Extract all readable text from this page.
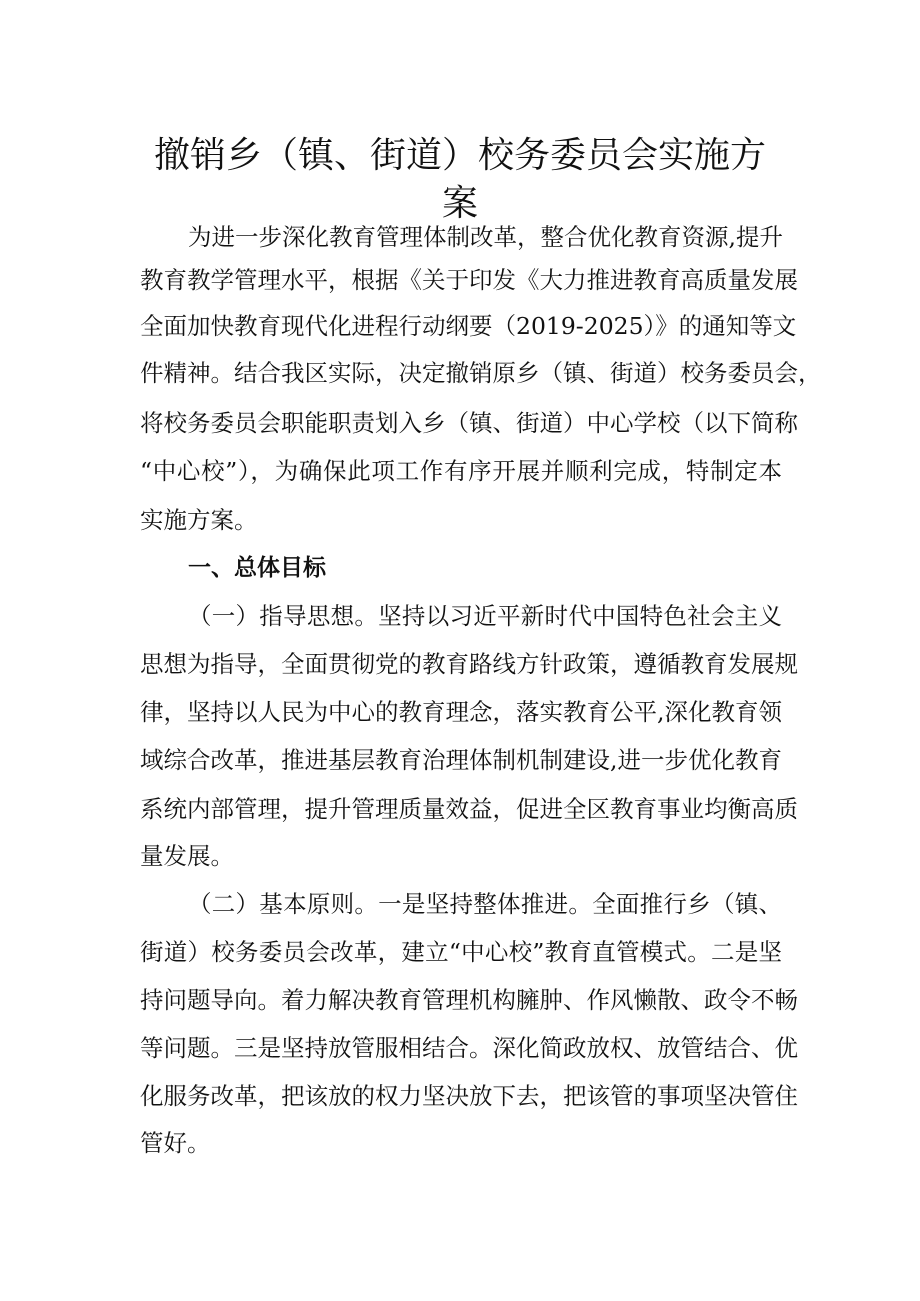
撤销乡（镇、街道）校务委员会实施方案
为进一步深化教育管理体制改革，整合优化教育资源,提升
教育教学管理水平，根据《关于印发《大力推进教育高质量发展
全面加快教育现代化进程行动纲要（2019-2025）》的通知等文
件精神。结合我区实际，决定撤销原乡（镇、街道）校务委员会，
将校务委员会职能职责划入乡（镇、街道）中心学校（以下简称
“中心校”），为确保此项工作有序开展并顺利完成，特制定本
实施方案。
一、总体目标
（一）指导思想。坚持以习近平新时代中国特色社会主义
思想为指导，全面贯彻党的教育路线方针政策，遵循教育发展规
律，坚持以人民为中心的教育理念，落实教育公平,深化教育领
域综合改革，推进基层教育治理体制机制建设,进一步优化教育
系统内部管理，提升管理质量效益，促进全区教育事业均衡高质
量发展。
（二）基本原则。一是坚持整体推进。全面推行乡（镇、
街道）校务委员会改革，建立“中心校”教育直管模式。二是坚
持问题导向。着力解决教育管理机构臃肿、作风懒散、政令不畅
等问题。三是坚持放管服相结合。深化简政放权、放管结合、优
化服务改革，把该放的权力坚决放下去，把该管的事项坚决管住
管好。
